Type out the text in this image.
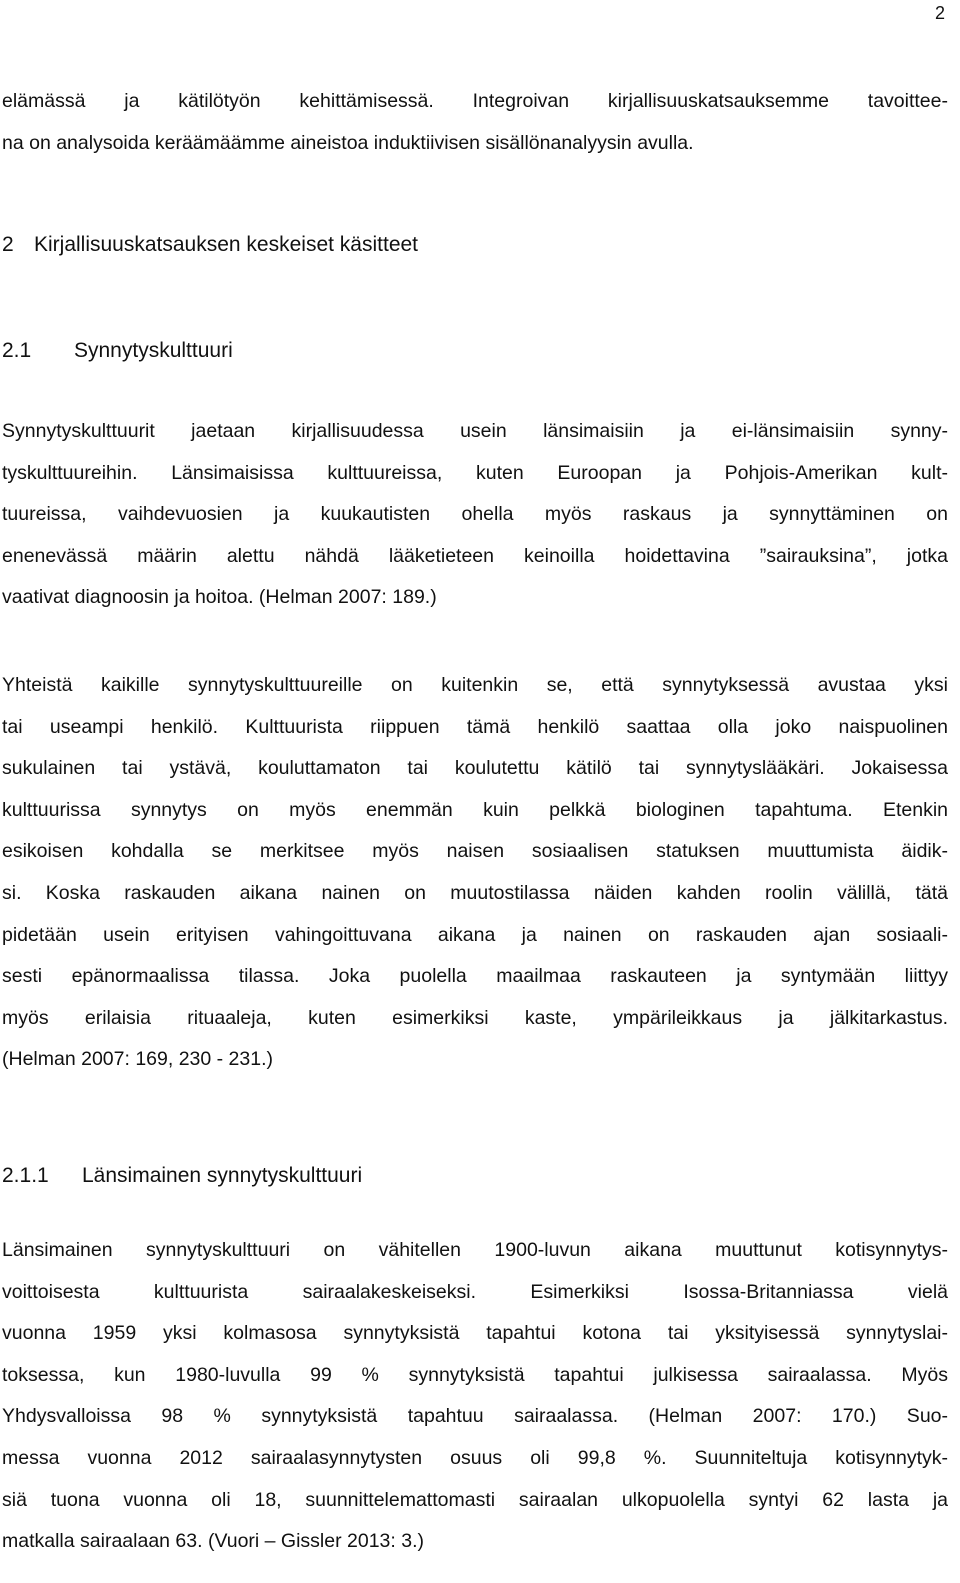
2
elämässä ja kätilötyön kehittämisessä. Integroivan kirjallisuuskatsauksemme tavoittee-
na on analysoida keräämäämme aineistoa induktiivisen sisällönanalyysin avulla.
2 Kirjallisuuskatsauksen keskeiset käsitteet
2.1 Synnytyskulttuuri
Synnytyskulttuurit jaetaan kirjallisuudessa usein länsimaisiin ja ei-länsimaisiin synny-
tyskulttuureihin. Länsimaisissa kulttuureissa, kuten Euroopan ja Pohjois-Amerikan kult-
tuureissa, vaihdevuosien ja kuukautisten ohella myös raskaus ja synnyttäminen on
enenevässä määrin alettu nähdä lääketieteen keinoilla hoidettavina ”sairauksina”, jotka
vaativat diagnoosin ja hoitoa. (Helman 2007: 189.)
Yhteistä kaikille synnytyskulttuureille on kuitenkin se, että synnytyksessä avustaa yksi
tai useampi henkilö. Kulttuurista riippuen tämä henkilö saattaa olla joko naispuolinen
sukulainen tai ystävä, kouluttamaton tai koulutettu kätilö tai synnytyslääkäri. Jokaisessa
kulttuurissa synnytys on myös enemmän kuin pelkkä biologinen tapahtuma. Etenkin
esikoisen kohdalla se merkitsee myös naisen sosiaalisen statuksen muuttumista äidik-
si. Koska raskauden aikana nainen on muutostilassa näiden kahden roolin välillä, tätä
pidetään usein erityisen vahingoittuvana aikana ja nainen on raskauden ajan sosiaali-
sesti epänormaalissa tilassa. Joka puolella maailmaa raskauteen ja syntymään liittyy
myös erilaisia rituaaleja, kuten esimerkiksi kaste, ympärileikkaus ja jälkitarkastus.
(Helman 2007: 169, 230 - 231.)
2.1.1 Länsimainen synnytyskulttuuri
Länsimainen synnytyskulttuuri on vähitellen 1900-luvun aikana muuttunut kotisynnytys-
voittoisesta kulttuurista sairaalakeskeiseksi. Esimerkiksi Isossa-Britanniassa vielä
vuonna 1959 yksi kolmasosa synnytyksistä tapahtui kotona tai yksityisessä synnytyslai-
toksessa, kun 1980-luvulla 99 % synnytyksistä tapahtui julkisessa sairaalassa. Myös
Yhdysvalloissa 98 % synnytyksistä tapahtuu sairaalassa. (Helman 2007: 170.) Suo-
messa vuonna 2012 sairaalasynnytysten osuus oli 99,8 %. Suunniteltuja kotisynnytyk-
siä tuona vuonna oli 18, suunnittelemattomasti sairaalan ulkopuolella syntyi 62 lasta ja
matkalla sairaalaan 63. (Vuori – Gissler 2013: 3.)
